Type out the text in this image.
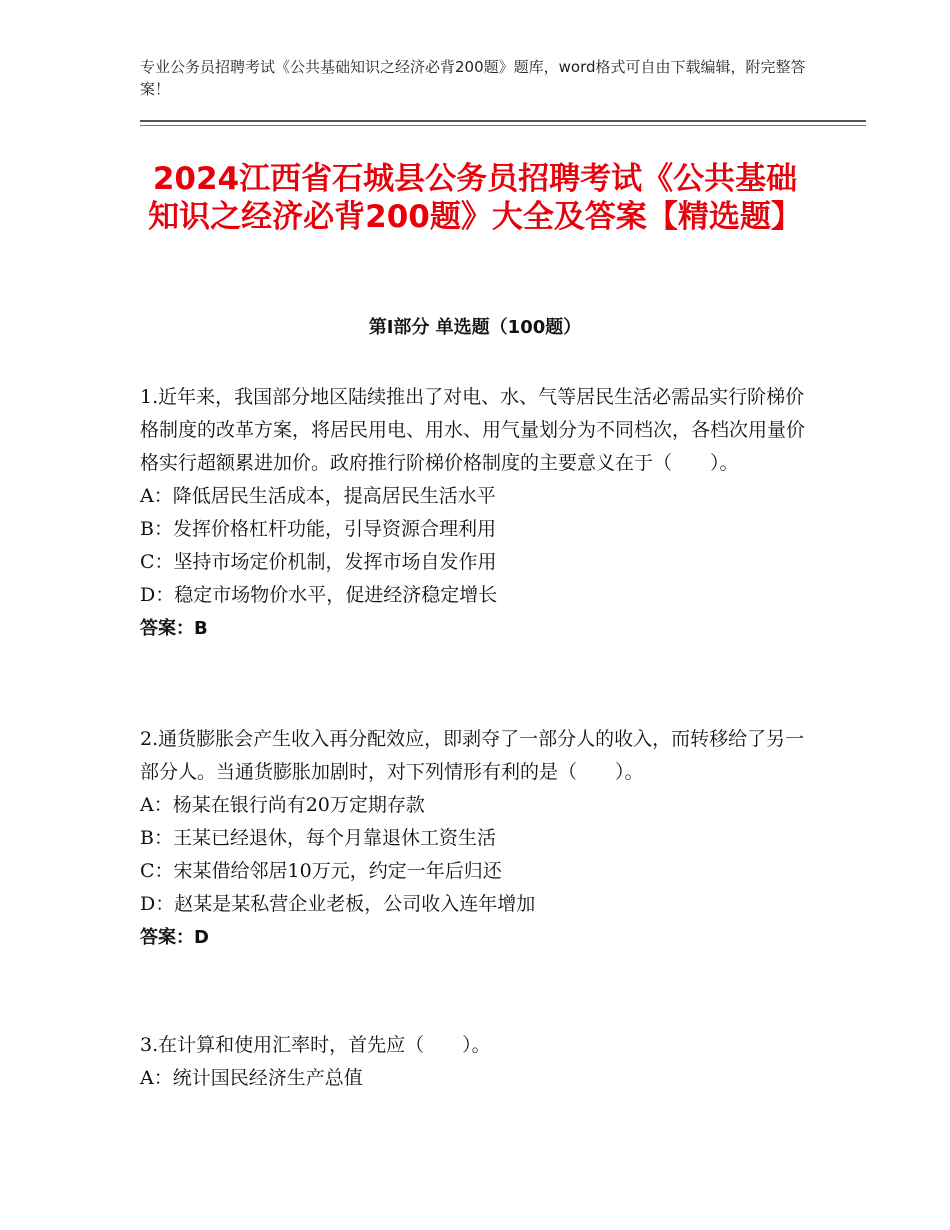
专业公务员招聘考试《公共基础知识之经济必背200题》题库，word格式可自由下载编辑，附完整答案！
2024江西省石城县公务员招聘考试《公共基础知识之经济必背200题》大全及答案【精选题】
第Ⅰ部分 单选题（100题）

1.近年来，我国部分地区陆续推出了对电、水、气等居民生活必需品实行阶梯价格制度的改革方案，将居民用电、用水、用气量划分为不同档次，各档次用量价格实行超额累进加价。政府推行阶梯价格制度的主要意义在于（　　）。

A：降低居民生活成本，提高居民生活水平

B：发挥价格杠杆功能，引导资源合理利用

C：坚持市场定价机制，发挥市场自发作用

D：稳定市场物价水平，促进经济稳定增长

答案：B

2.通货膨胀会产生收入再分配效应，即剥夺了一部分人的收入，而转移给了另一部分人。当通货膨胀加剧时，对下列情形有利的是（　　）。

A：杨某在银行尚有20万定期存款

B：王某已经退休，每个月靠退休工资生活

C：宋某借给邻居10万元，约定一年后归还

D：赵某是某私营企业老板，公司收入连年增加

答案：D

3.在计算和使用汇率时，首先应（　　）。

A：统计国民经济生产总值
